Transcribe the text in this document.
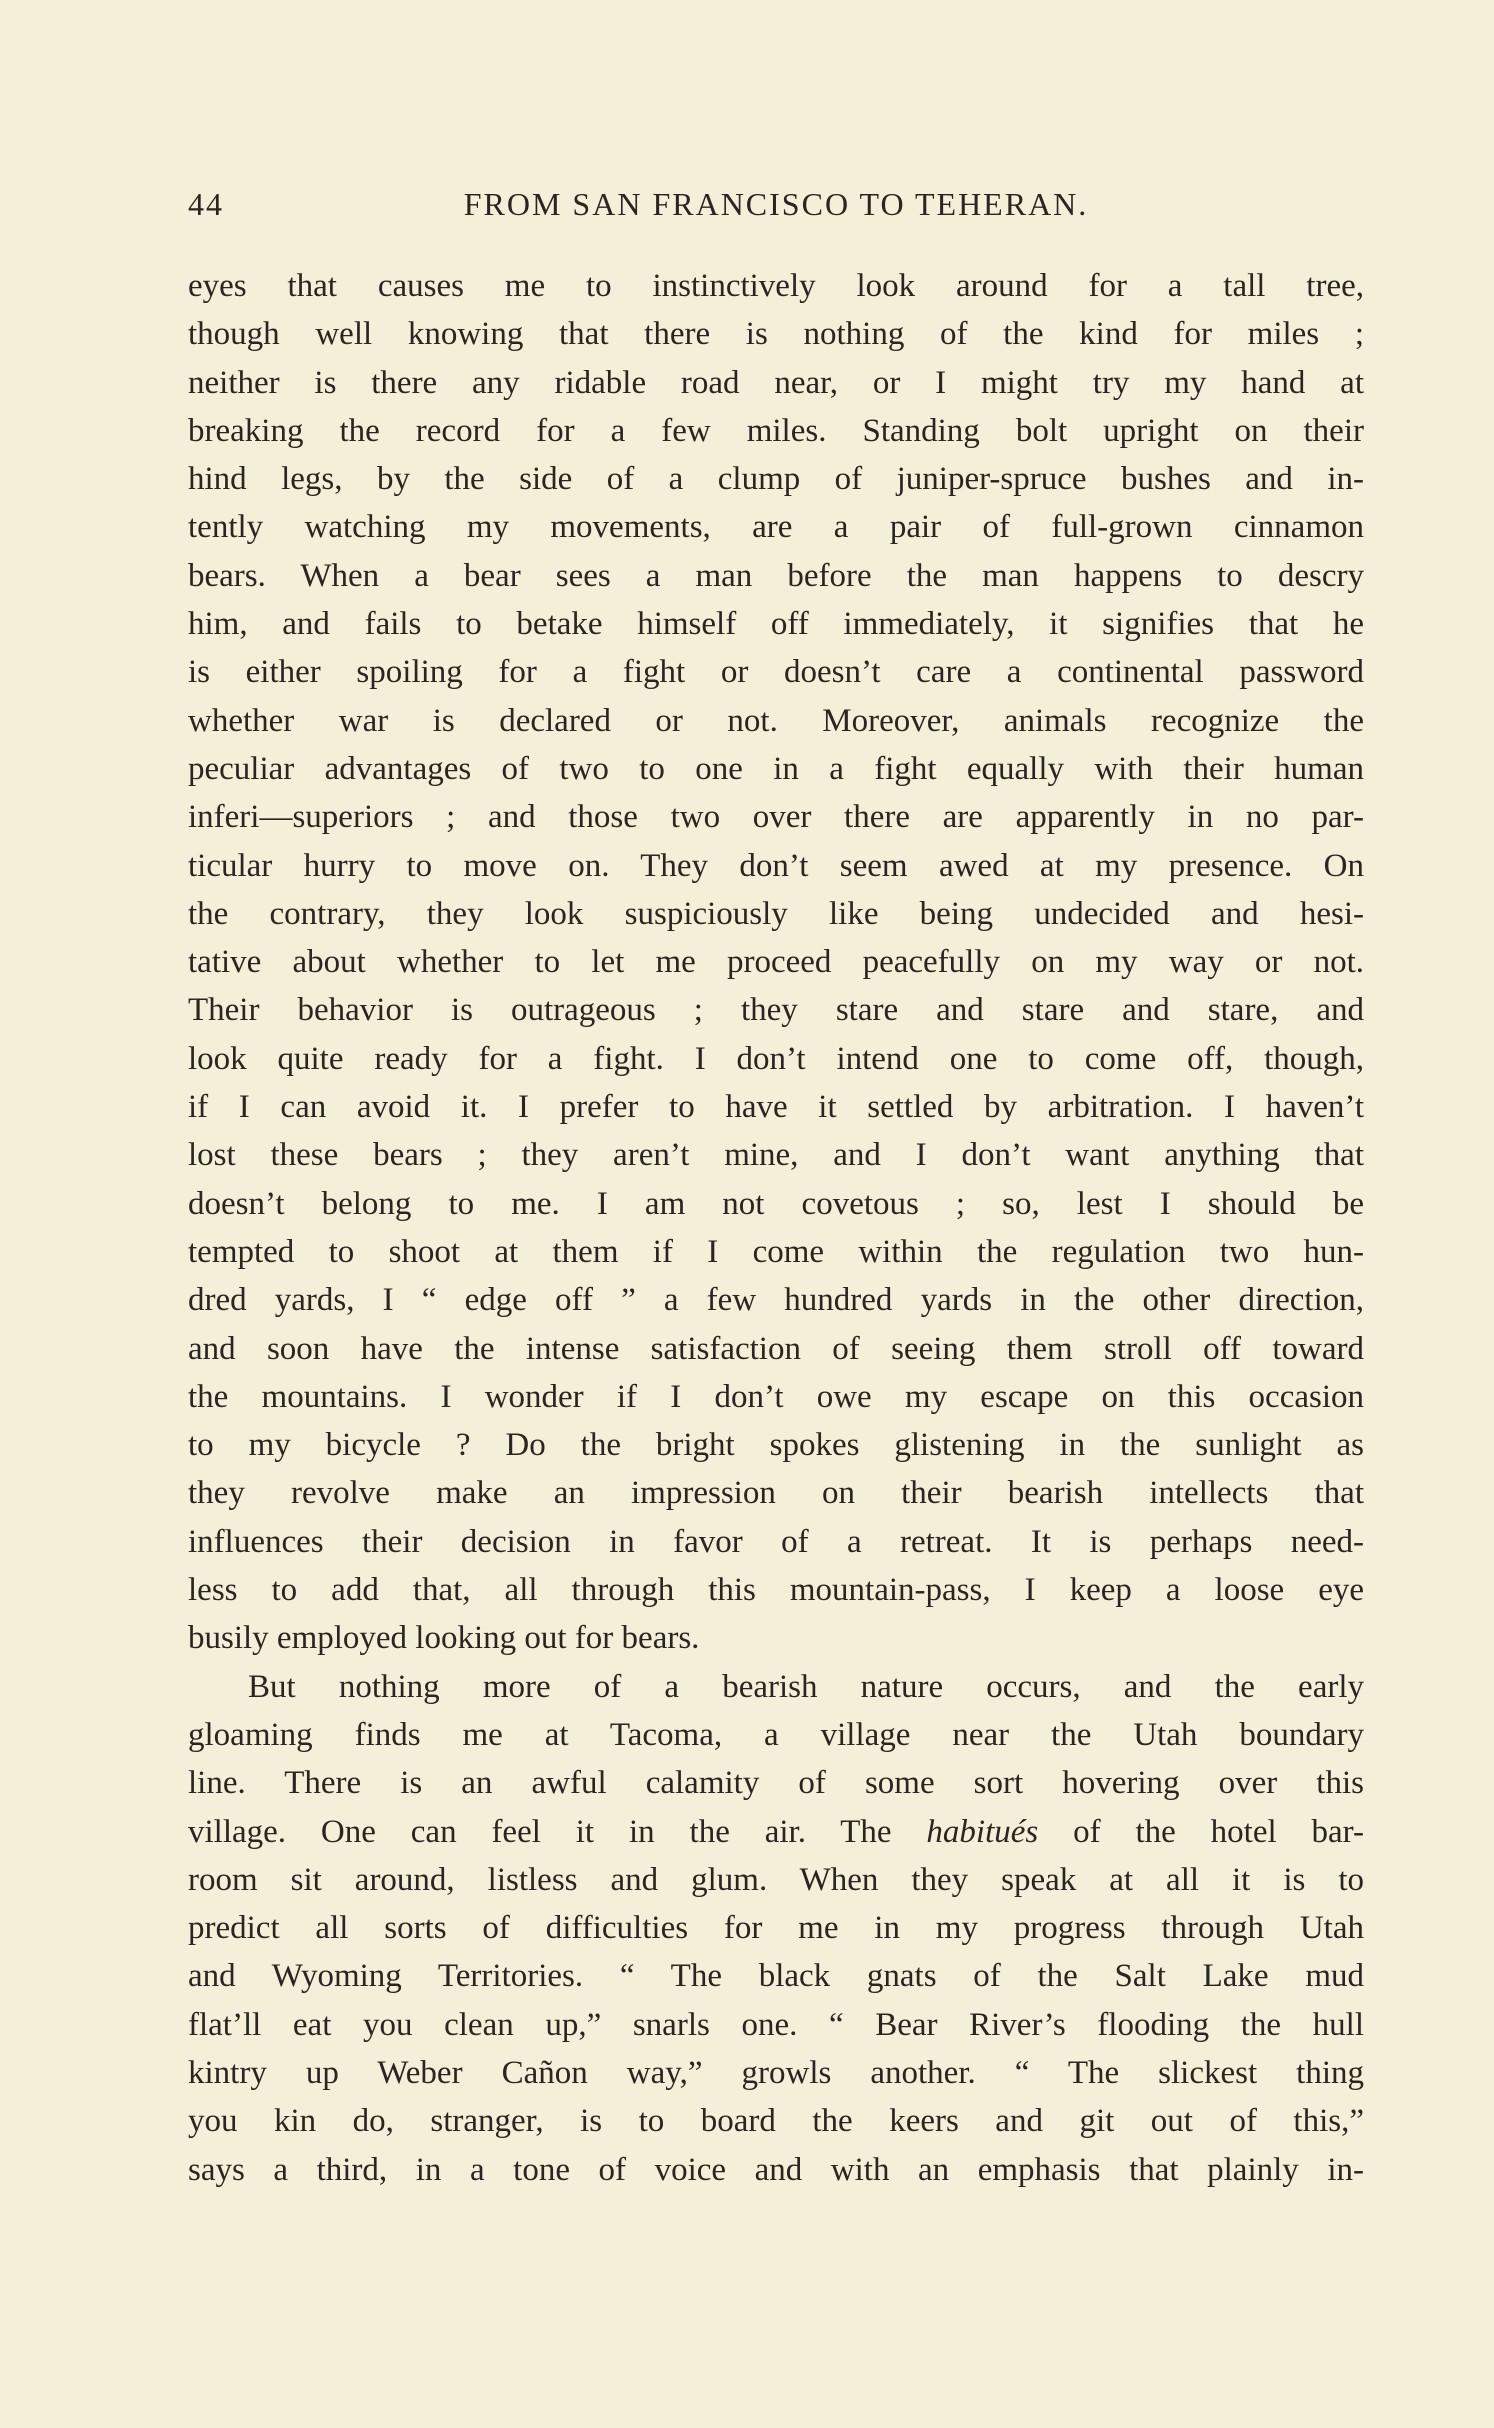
44	FROM SAN FRANCISCO TO TEHERAN.
eyes that causes me to instinctively look around for a tall tree,
though well knowing that there is nothing of the kind for miles ;
neither is there any ridable road near, or I might try my hand at
breaking the record for a few miles. Standing bolt upright on their
hind legs, by the side of a clump of juniper-spruce bushes and in-
tently watching my movements, are a pair of full-grown cinnamon
bears. When a bear sees a man before the man happens to descry
him, and fails to betake himself off immediately, it signifies that he
is either spoiling for a fight or doesn’t care a continental password
whether war is declared or not. Moreover, animals recognize the
peculiar advantages of two to one in a fight equally with their human
inferi—superiors ; and those two over there are apparently in no par-
ticular hurry to move on. They don’t seem awed at my presence. On
the contrary, they look suspiciously like being undecided and hesi-
tative about whether to let me proceed peacefully on my way or not.
Their behavior is outrageous ; they stare and stare and stare, and
look quite ready for a fight. I don’t intend one to come off, though,
if I can avoid it. I prefer to have it settled by arbitration. I haven’t
lost these bears ; they aren’t mine, and I don’t want anything that
doesn’t belong to me. I am not covetous ; so, lest I should be
tempted to shoot at them if I come within the regulation two hun-
dred yards, I “ edge off ” a few hundred yards in the other direction,
and soon have the intense satisfaction of seeing them stroll off toward
the mountains. I wonder if I don’t owe my escape on this occasion
to my bicycle ? Do the bright spokes glistening in the sunlight as
they revolve make an impression on their bearish intellects that
influences their decision in favor of a retreat. It is perhaps need-
less to add that, all through this mountain-pass, I keep a loose eye
busily employed looking out for bears.
But nothing more of a bearish nature occurs, and the early
gloaming finds me at Tacoma, a village near the Utah boundary
line. There is an awful calamity of some sort hovering over this
village. One can feel it in the air. The habitués of the hotel bar-
room sit around, listless and glum. When they speak at all it is to
predict all sorts of difficulties for me in my progress through Utah
and Wyoming Territories. “ The black gnats of the Salt Lake mud
flat’ll eat you clean up,” snarls one. “ Bear River’s flooding the hull
kintry up Weber Cañon way,” growls another. “ The slickest thing
you kin do, stranger, is to board the keers and git out of this,”
says a third, in a tone of voice and with an emphasis that plainly in-
